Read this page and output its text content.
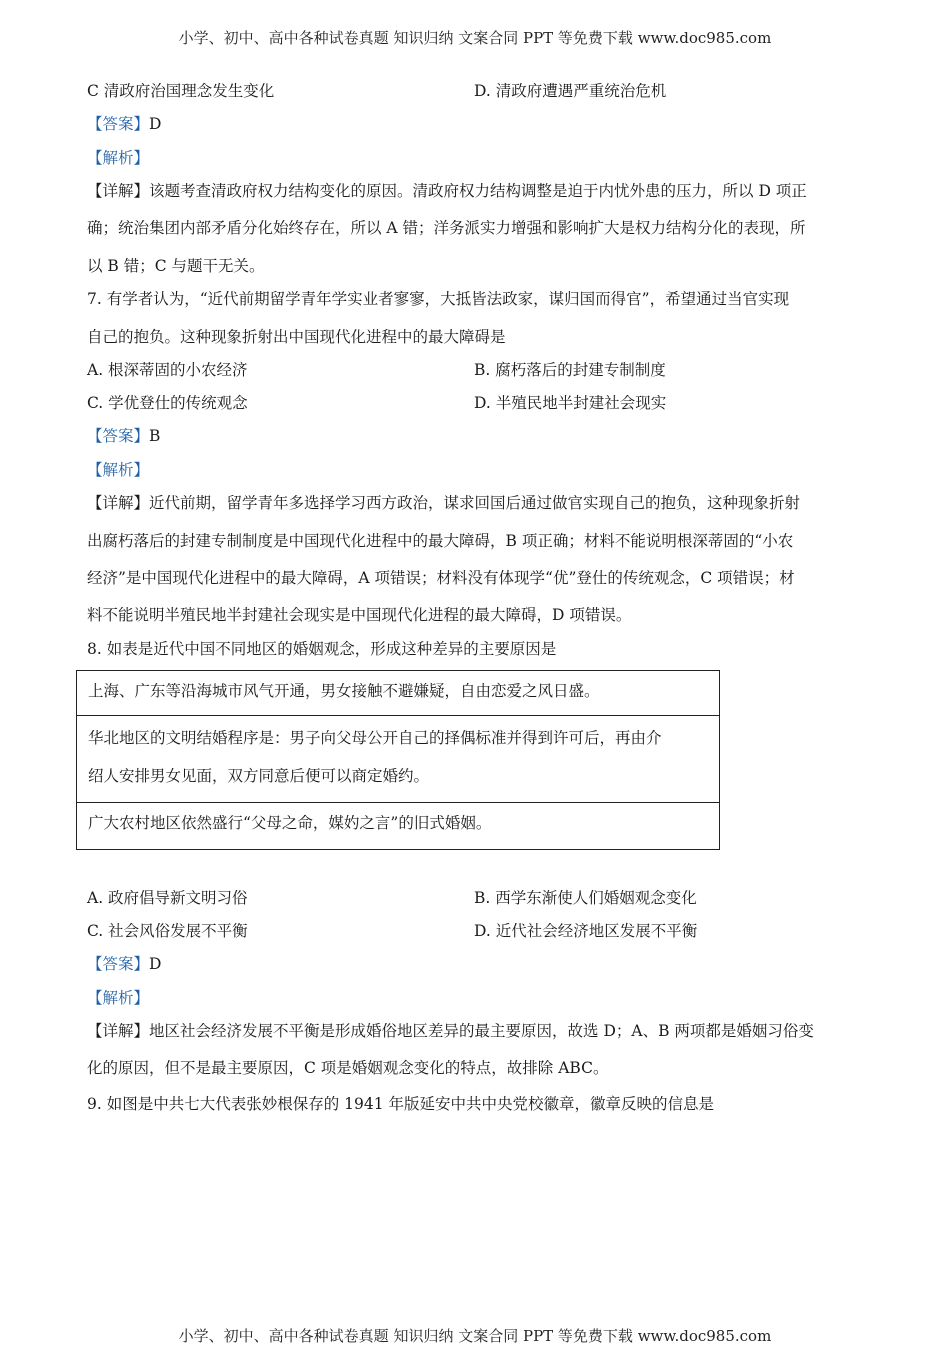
小学、初中、高中各种试卷真题 知识归纳 文案合同 PPT 等免费下载 www.doc985.com
C 清政府治国理念发生变化	D. 清政府遭遇严重统治危机
【答案】D
【解析】
【详解】该题考查清政府权力结构变化的原因。清政府权力结构调整是迫于内忧外患的压力，所以 D 项正
确；统治集团内部矛盾分化始终存在，所以 A 错；洋务派实力增强和影响扩大是权力结构分化的表现，所
以 B 错；C 与题干无关。
7. 有学者认为，“近代前期留学青年学实业者寥寥，大抵皆法政家，谋归国而得官”，希望通过当官实现
自己的抱负。这种现象折射出中国现代化进程中的最大障碍是
A. 根深蒂固的小农经济	B. 腐朽落后的封建专制制度
C. 学优登仕的传统观念	D. 半殖民地半封建社会现实
【答案】B
【解析】
【详解】近代前期，留学青年多选择学习西方政治，谋求回国后通过做官实现自己的抱负，这种现象折射
出腐朽落后的封建专制制度是中国现代化进程中的最大障碍，B 项正确；材料不能说明根深蒂固的“小农
经济”是中国现代化进程中的最大障碍，A 项错误；材料没有体现学“优”登仕的传统观念，C 项错误；材
料不能说明半殖民地半封建社会现实是中国现代化进程的最大障碍，D 项错误。
8. 如表是近代中国不同地区的婚姻观念，形成这种差异的主要原因是
上海、广东等沿海城市风气开通，男女接触不避嫌疑，自由恋爱之风日盛。
华北地区的文明结婚程序是：男子向父母公开自己的择偶标准并得到许可后，再由介
绍人安排男女见面，双方同意后便可以商定婚约。
广大农村地区依然盛行“父母之命，媒妁之言”的旧式婚姻。
A. 政府倡导新文明习俗	B. 西学东渐使人们婚姻观念变化
C. 社会风俗发展不平衡	D. 近代社会经济地区发展不平衡
【答案】D
【解析】
【详解】地区社会经济发展不平衡是形成婚俗地区差异的最主要原因，故选 D；A、B 两项都是婚姻习俗变
化的原因，但不是最主要原因，C 项是婚姻观念变化的特点，故排除 ABC。
9. 如图是中共七大代表张妙根保存的 1941 年版延安中共中央党校徽章，徽章反映的信息是
小学、初中、高中各种试卷真题 知识归纳 文案合同 PPT 等免费下载 www.doc985.com
